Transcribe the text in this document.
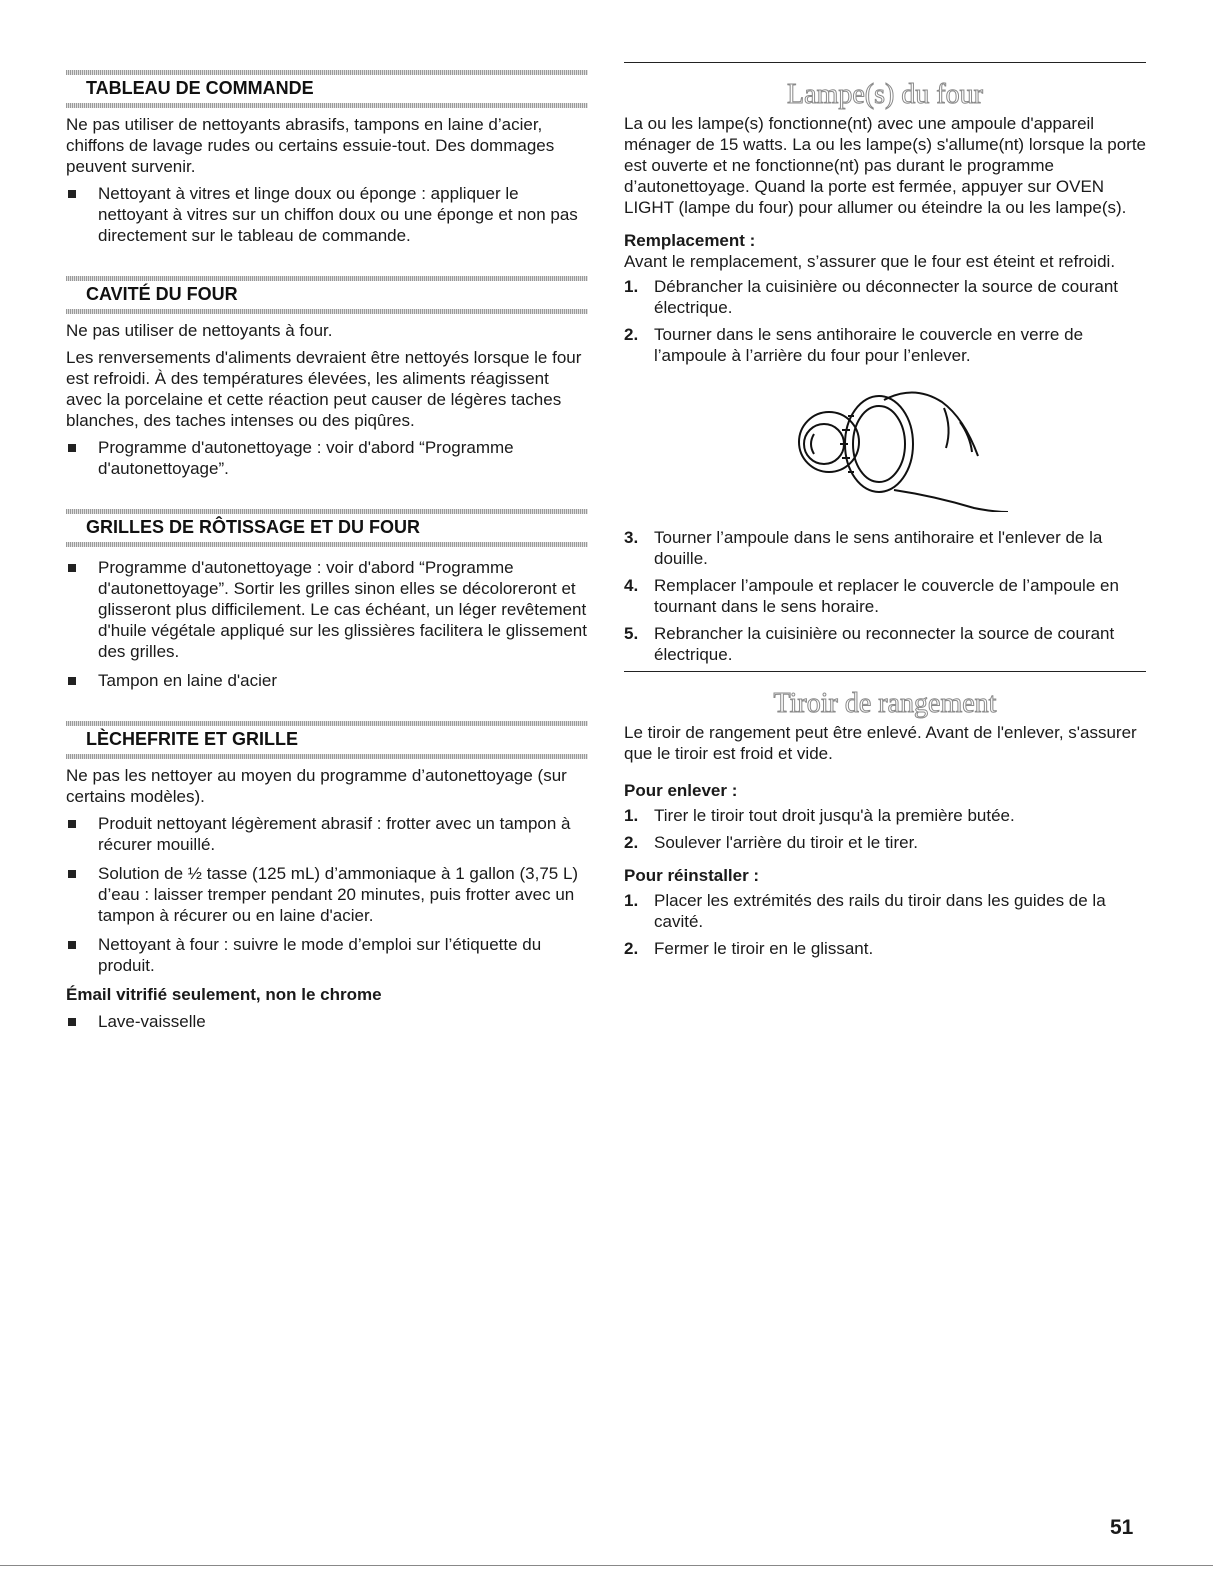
TABLEAU DE COMMANDE

Ne pas utiliser de nettoyants abrasifs, tampons en laine d’acier, chiffons de lavage rudes ou certains essuie-tout. Des dommages peuvent survenir.

Nettoyant à vitres et linge doux ou éponge : appliquer le nettoyant à vitres sur un chiffon doux ou une éponge et non pas directement sur le tableau de commande.
CAVITÉ DU FOUR

Ne pas utiliser de nettoyants à four.

Les renversements d'aliments devraient être nettoyés lorsque le four est refroidi. À des températures élevées, les aliments réagissent avec la porcelaine et cette réaction peut causer de légères taches blanches, des taches intenses ou des piqûres.

Programme d'autonettoyage : voir d'abord “Programme d'autonettoyage”.
GRILLES DE RÔTISSAGE ET DU FOUR
Programme d'autonettoyage : voir d'abord “Programme d'autonettoyage”. Sortir les grilles sinon elles se décoloreront et glisseront plus difficilement. Le cas échéant, un léger revêtement d'huile végétale appliqué sur les glissières facilitera le glissement des grilles.
Tampon en laine d'acier
LÈCHEFRITE ET GRILLE

Ne pas les nettoyer au moyen du programme d’autonettoyage (sur certains modèles).

Produit nettoyant légèrement abrasif : frotter avec un tampon à récurer mouillé.
Solution de ½ tasse (125 mL) d’ammoniaque à 1 gallon (3,75 L) d’eau : laisser tremper pendant 20 minutes, puis frotter avec un tampon à récurer ou en laine d'acier.
Nettoyant à four : suivre le mode d’emploi sur l’étiquette du produit.
Émail vitrifié seulement, non le chrome
Lave-vaisselle
Lampe(s) du four

La ou les lampe(s) fonctionne(nt) avec une ampoule d'appareil ménager de 15 watts. La ou les lampe(s) s'allume(nt) lorsque la porte est ouverte et ne fonctionne(nt) pas durant le programme d’autonettoyage. Quand la porte est fermée, appuyer sur OVEN LIGHT (lampe du four) pour allumer ou éteindre la ou les lampe(s).

Remplacement :

Avant le remplacement, s’assurer que le four est éteint et refroidi.

1. Débrancher la cuisinière ou déconnecter la source de courant électrique.
2. Tourner dans le sens antihoraire le couvercle en verre de l’ampoule à l’arrière du four pour l’enlever.
3. Tourner l’ampoule dans le sens antihoraire et l'enlever de la douille.
4. Remplacer l’ampoule et replacer le couvercle de l’ampoule en tournant dans le sens horaire.
5. Rebrancher la cuisinière ou reconnecter la source de courant électrique.
Tiroir de rangement

Le tiroir de rangement peut être enlevé. Avant de l'enlever, s'assurer que le tiroir est froid et vide.

Pour enlever :
1. Tirer le tiroir tout droit jusqu'à la première butée.
2. Soulever l'arrière du tiroir et le tirer.
Pour réinstaller :
1. Placer les extrémités des rails du tiroir dans les guides de la cavité.
2. Fermer le tiroir en le glissant.
51
